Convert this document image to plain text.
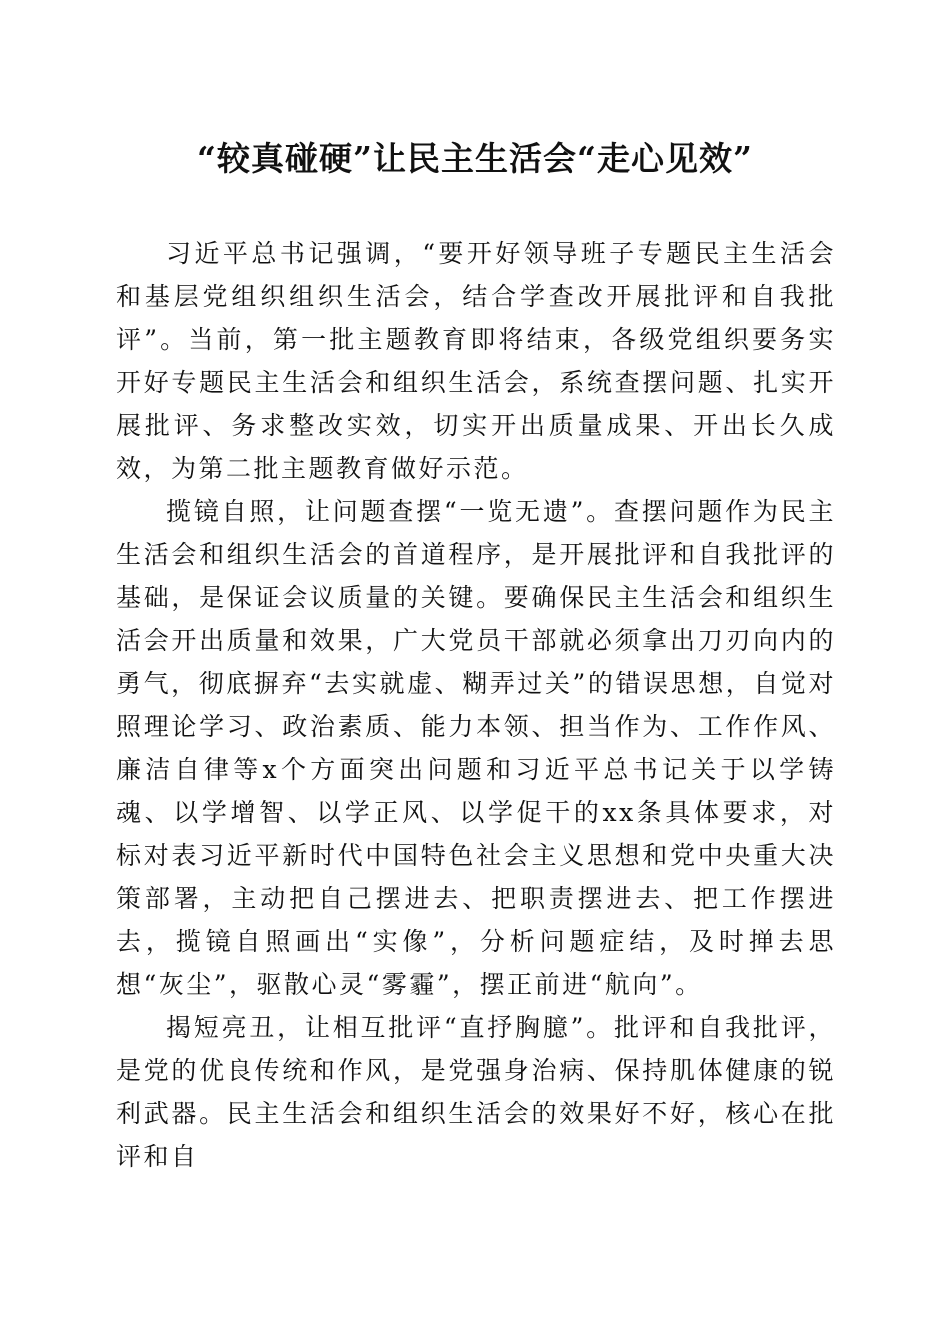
“较真碰硬”让民主生活会“走心见效”

习近平总书记强调，“要开好领导班子专题民主生活会和基层党组织组织生活会，结合学查改开展批评和自我批评”。当前，第一批主题教育即将结束，各级党组织要务实开好专题民主生活会和组织生活会，系统查摆问题、扎实开展批评、务求整改实效，切实开出质量成果、开出长久成效，为第二批主题教育做好示范。

揽镜自照，让问题查摆“一览无遗”。查摆问题作为民主生活会和组织生活会的首道程序，是开展批评和自我批评的基础，是保证会议质量的关键。要确保民主生活会和组织生活会开出质量和效果，广大党员干部就必须拿出刀刃向内的勇气，彻底摒弃“去实就虚、糊弄过关”的错误思想，自觉对照理论学习、政治素质、能力本领、担当作为、工作作风、廉洁自律等x个方面突出问题和习近平总书记关于以学铸魂、以学增智、以学正风、以学促干的xx条具体要求，对标对表习近平新时代中国特色社会主义思想和党中央重大决策部署，主动把自己摆进去、把职责摆进去、把工作摆进去，揽镜自照画出“实像”，分析问题症结，及时掸去思想“灰尘”，驱散心灵“雾霾”，摆正前进“航向”。

揭短亮丑，让相互批评“直抒胸臆”。批评和自我批评，是党的优良传统和作风，是党强身治病、保持肌体健康的锐利武器。民主生活会和组织生活会的效果好不好，核心在批评和自
